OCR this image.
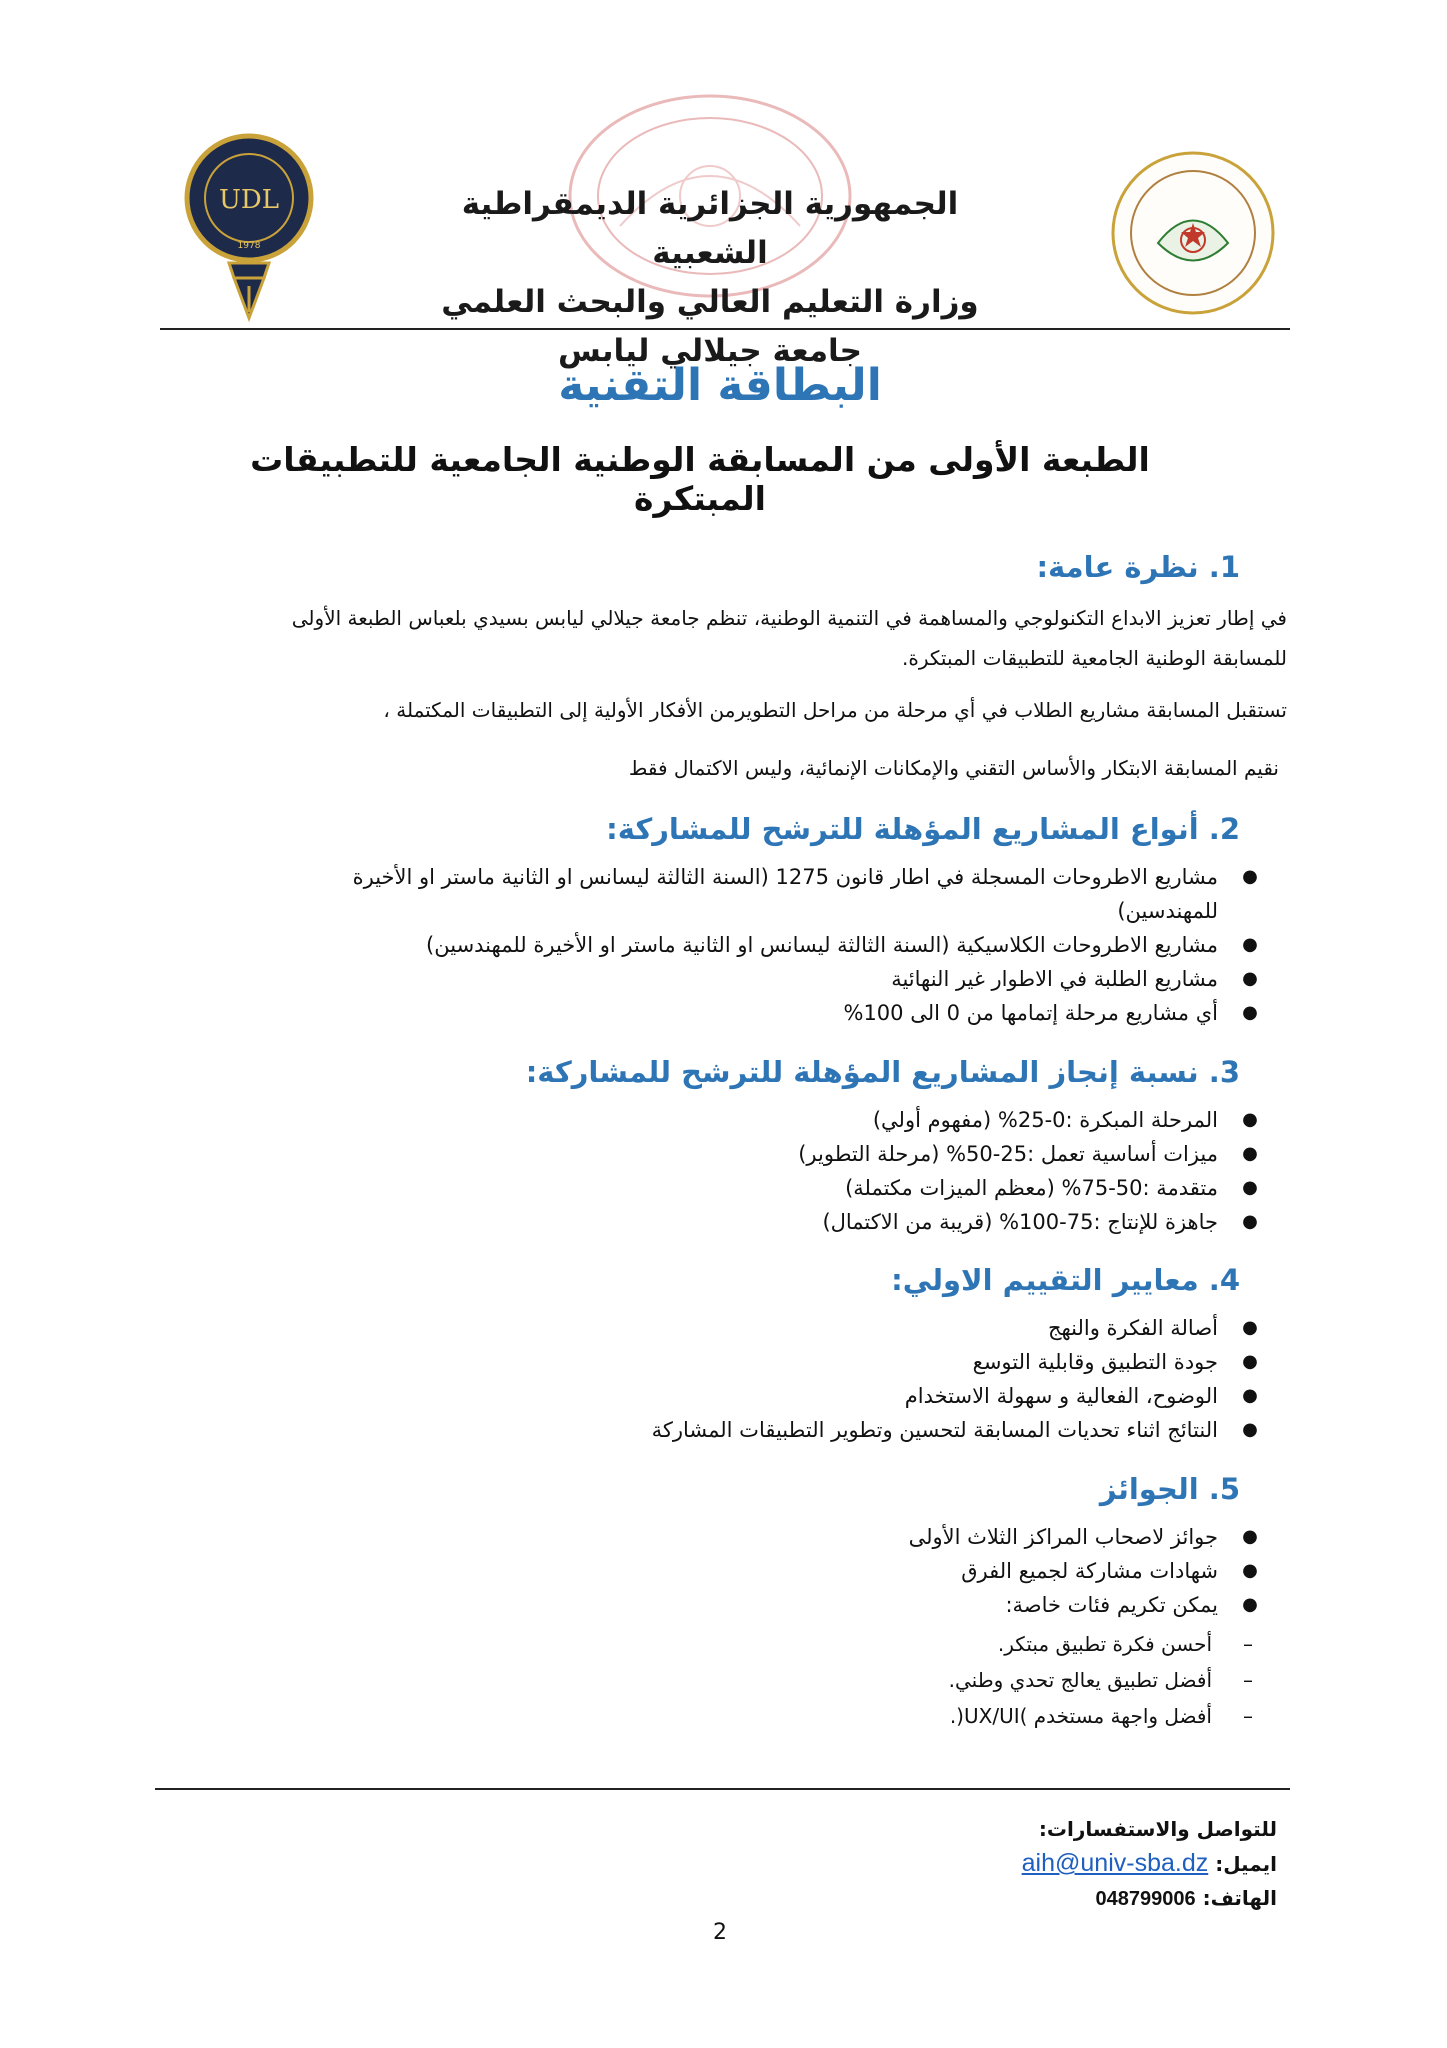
UDL
1978
الجمهورية الجزائرية الديمقراطية الشعبية
وزارة التعليم العالي والبحث العلمي
جامعة جيلالي ليابس
البطاقة التقنية
الطبعة الأولى من المسابقة الوطنية الجامعية للتطبيقات المبتكرة
1. نظرة عامة:
في إطار تعزيز الابداع التكنولوجي والمساهمة في التنمية الوطنية، تنظم جامعة جيلالي ليابس بسيدي بلعباس الطبعة الأولى للمسابقة الوطنية الجامعية للتطبيقات المبتكرة.
تستقبل المسابقة مشاريع الطلاب في أي مرحلة من مراحل التطويرمن الأفكار الأولية إلى التطبيقات المكتملة ،
نقيم المسابقة الابتكار والأساس التقني والإمكانات الإنمائية، وليس الاكتمال فقط
2. أنواع المشاريع المؤهلة للترشح للمشاركة:
●
مشاريع الاطروحات المسجلة في اطار قانون 1275 (السنة الثالثة ليسانس او الثانية ماستر او الأخيرة للمهندسين)
●
مشاريع الاطروحات الكلاسيكية (السنة الثالثة ليسانس او الثانية ماستر او الأخيرة للمهندسين)
●
مشاريع الطلبة في الاطوار غير النهائية
●
أي مشاريع مرحلة إتمامها من 0 الى 100%
3. نسبة إنجاز المشاريع المؤهلة للترشح للمشاركة:
●
المرحلة المبكرة :0-25% (مفهوم أولي)
●
ميزات أساسية تعمل :25-50% (مرحلة التطوير)
●
متقدمة :50-75% (معظم الميزات مكتملة)
●
جاهزة للإنتاج :75-100% (قريبة من الاكتمال)
4. معايير التقييم الاولي:
●
أصالة الفكرة والنهج
●
جودة التطبيق وقابلية التوسع
●
الوضوح، الفعالية و سهولة الاستخدام
●
النتائج اثناء تحديات المسابقة لتحسين وتطوير التطبيقات المشاركة
5. الجوائز
●
جوائز لاصحاب المراكز الثلاث الأولى
●
شهادات مشاركة لجميع الفرق
●
يمكن تكريم فئات خاصة:
–
أحسن فكرة تطبيق مبتكر.
–
أفضل تطبيق يعالج تحدي وطني.
–
أفضل واجهة مستخدم )UX/UI(.
للتواصل والاستفسارات:
ايميل: aih@univ-sba.dz
الهاتف: 048799006
2
